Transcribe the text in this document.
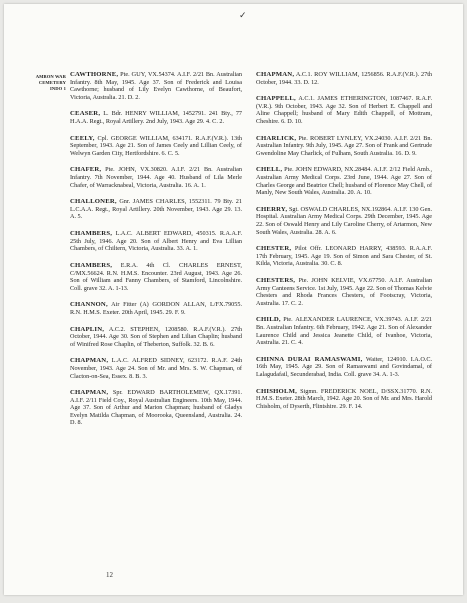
✓
AMBON WAR
CEMETERY
INDO 1

CAWTHORNE, Pte. GUY, VX.54374. A.I.F. 2/21 Bn. Australian Infantry. 8th May, 1945. Age 37. Son of Frederick and Louisa Cawthorne; husband of Lily Evelyn Cawthorne, of Beaufort, Victoria, Australia. 21. D. 2.

CEASER, L. Bdr. HENRY WILLIAM, 1452791. 241 Bty., 77 H.A.A. Regt., Royal Artillery. 2nd July, 1943. Age 29. 4. C. 2.

CEELY, Cpl. GEORGE WILLIAM, 634171. R.A.F.(V.R.). 13th September, 1943. Age 21. Son of James Ceely and Lillian Ceely, of Welwyn Garden City, Hertfordshire. 6. C. 5.

CHAFER, Pte. JOHN, VX.30820. A.I.F. 2/21 Bn. Australian Infantry. 7th November, 1944. Age 40. Husband of Lila Merle Chafer, of Warracknabeal, Victoria, Australia. 16. A. 1.

CHALLONER, Gnr. JAMES CHARLES, 1552311. 79 Bty. 21 L.C.A.A. Regt., Royal Artillery. 20th November, 1943. Age 29. 13. A. 5.

CHAMBERS, L.A.C. ALBERT EDWARD, 450315. R.A.A.F. 25th July, 1946. Age 20. Son of Albert Henry and Eva Lillian Chambers, of Chiltern, Victoria, Australia. 33. A. 1.

CHAMBERS, E.R.A. 4th Cl. CHARLES ERNEST, C/MX.56624. R.N. H.M.S. Encounter. 23rd August, 1943. Age 26. Son of William and Fanny Chambers, of Stamford, Lincolnshire. Coll. grave 32. A. 1-13.

CHANNON, Air Fitter (A) GORDON ALLAN, L/FX.79055. R.N. H.M.S. Exeter. 20th April, 1945. 29. F. 9.

CHAPLIN, A.C.2. STEPHEN, 1208580. R.A.F.(V.R.). 27th October, 1944. Age 30. Son of Stephen and Lilian Chaplin; husband of Winifred Rose Chaplin, of Theberton, Suffolk. 32. B. 6.

CHAPMAN, L.A.C. ALFRED SIDNEY, 623172. R.A.F. 24th November, 1943. Age 24. Son of Mr. and Mrs. S. W. Chapman, of Clacton-on-Sea, Essex. 8. B. 3.

CHAPMAN, Spr. EDWARD BARTHOLEMEW, QX.17391. A.I.F. 2/11 Field Coy., Royal Australian Engineers. 10th May, 1944. Age 37. Son of Arthur and Marion Chapman; husband of Gladys Evelyn Matilda Chapman, of Moorooka, Queensland, Australia. 24. D. 8.

CHAPMAN, A.C.1. ROY WILLIAM, 1256856. R.A.F.(V.R.). 27th October, 1944. 33. D. 12.

CHAPPELL, A.C.1. JAMES ETHERINGTON, 1087467. R.A.F.(V.R.). 9th October, 1943. Age 32. Son of Herbert E. Chappell and Aline Chappell; husband of Mary Edith Chappell, of Mottram, Cheshire. 6. D. 10.

CHARLICK, Pte. ROBERT LYNLEY, VX.24030. A.I.F. 2/21 Bn. Australian Infantry. 9th July, 1945. Age 27. Son of Frank and Gertrude Gwendoline May Charlick, of Fulham, South Australia. 16. D. 9.

CHELL, Pte. JOHN EDWARD, NX.28484. A.I.F. 2/12 Field Amb., Australian Army Medical Corps. 23rd June, 1944. Age 27. Son of Charles George and Beatrice Chell; husband of Florence May Chell, of Manly, New South Wales, Australia. 20. A. 10.

CHERRY, Sgt. OSWALD CHARLES, NX.192864. A.I.F. 130 Gen. Hospital. Australian Army Medical Corps. 29th December, 1945. Age 22. Son of Oswald Henry and Lily Caroline Cherry, of Artarmon, New South Wales, Australia. 28. A. 6.

CHESTER, Pilot Offr. LEONARD HARRY, 438593. R.A.A.F. 17th February, 1945. Age 19. Son of Simon and Sara Chester, of St. Kilda, Victoria, Australia. 30. C. 8.

CHESTERS, Pte. JOHN KELVIE, VX.67750. A.I.F. Australian Army Canteens Service. 1st July, 1945. Age 22. Son of Thomas Kelvie Chesters and Rhoda Frances Chesters, of Footscray, Victoria, Australia. 17. C. 2.

CHILD, Pte. ALEXANDER LAURENCE, VX.39743. A.I.F. 2/21 Bn. Australian Infantry. 6th February, 1942. Age 21. Son of Alexander Laurence Child and Jessica Jeanette Child, of Ivanhoe, Victoria, Australia. 21. C. 4.

CHINNA DURAI RAMASWAMI, Waiter, 124910. I.A.O.C. 16th May, 1945. Age 29. Son of Ramaswami and Govindamal, of Lalagudafail, Secunderabad, India. Coll. grave 34. A. 1-3.

CHISHOLM, Sigmn. FREDERICK NOEL, D/SSX.31770. R.N. H.M.S. Exeter. 28th March, 1942. Age 20. Son of Mr. and Mrs. Harold Chisholm, of Dyserth, Flintshire. 29. F. 14.

12
